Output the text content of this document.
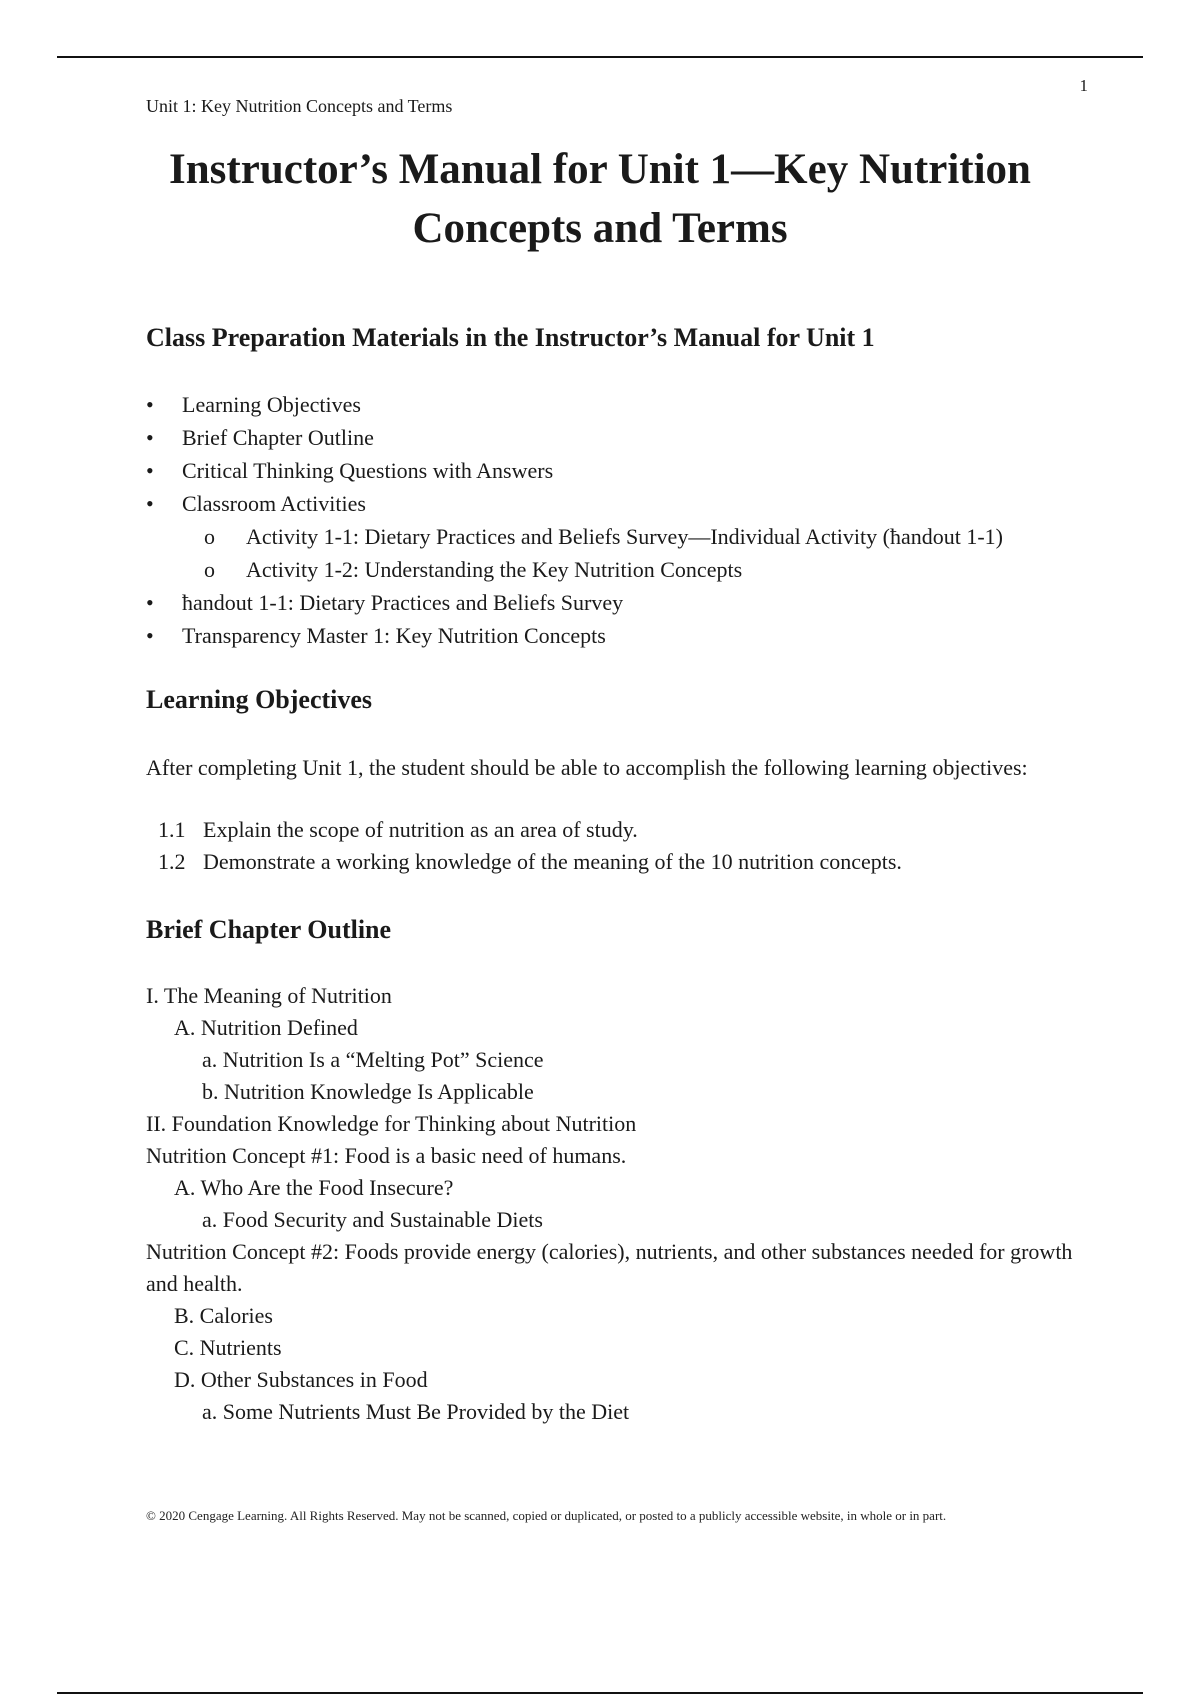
1
Unit 1: Key Nutrition Concepts and Terms
Instructor’s Manual for Unit 1—Key Nutrition Concepts and Terms
Class Preparation Materials in the Instructor’s Manual for Unit 1
•	Learning Objectives
•	Brief Chapter Outline
•	Critical Thinking Questions with Answers
•	Classroom Activities
o	Activity 1-1: Dietary Practices and Beliefs Survey—Individual Activity (ћandout 1-1)
o	Activity 1-2: Understanding the Key Nutrition Concepts
•	ћandout 1-1: Dietary Practices and Beliefs Survey
•	Transparency Master 1: Key Nutrition Concepts
Learning Objectives

After completing Unit 1, the student should be able to accomplish the following learning objectives:

1.1 Explain the scope of nutrition as an area of study.
1.2 Demonstrate a working knowledge of the meaning of the 10 nutrition concepts.
Brief Chapter Outline
I. The Meaning of Nutrition
A. Nutrition Defined
a. Nutrition Is a “Melting Pot” Science
b. Nutrition Knowledge Is Applicable
II. Foundation Knowledge for Thinking about Nutrition
Nutrition Concept #1: Food is a basic need of humans.
A. Who Are the Food Insecure?
a. Food Security and Sustainable Diets
Nutrition Concept #2: Foods provide energy (calories), nutrients, and other substances needed for growth and health.
B. Calories
C. Nutrients
D. Other Substances in Food
a. Some Nutrients Must Be Provided by the Diet
© 2020 Cengage Learning. All Rights Reserved. May not be scanned, copied or duplicated, or posted to a publicly accessible website, in whole or in part.
